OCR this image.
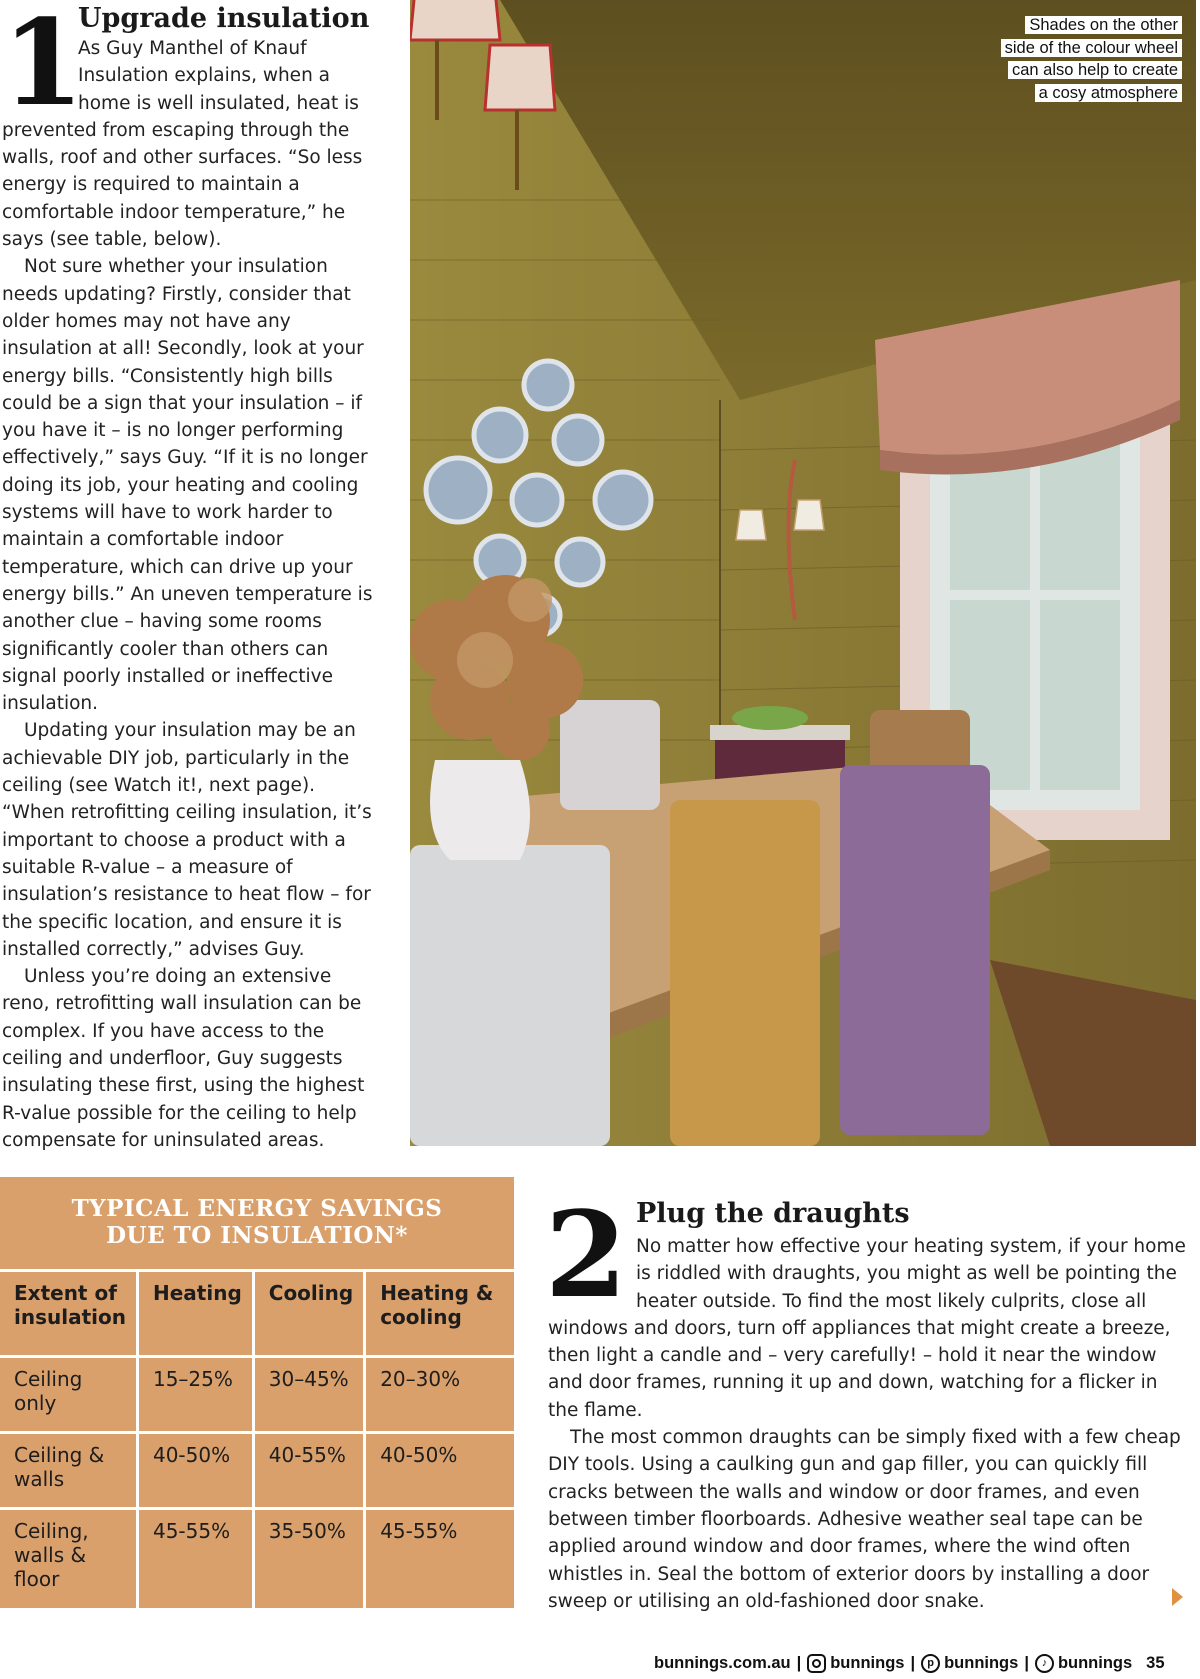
1
Upgrade insulation

As Guy Manthel of Knauf Insulation explains, when a home is well insulated, heat is prevented from escaping through the walls, roof and other surfaces. “So less energy is required to maintain a comfortable indoor temperature,” he says (see table, below).

Not sure whether your insulation needs updating? Firstly, consider that older homes may not have any insulation at all! Secondly, look at your energy bills. “Consistently high bills could be a sign that your insulation – if you have it – is no longer performing effectively,” says Guy. “If it is no longer doing its job, your heating and cooling systems will have to work harder to maintain a comfortable indoor temperature, which can drive up your energy bills.” An uneven temperature is another clue – having some rooms significantly cooler than others can signal poorly installed or ineffective insulation.

Updating your insulation may be an achievable DIY job, particularly in the ceiling (see Watch it!, next page). “When retrofitting ceiling insulation, it’s important to choose a product with a suitable R-value – a measure of insulation’s resistance to heat flow – for the specific location, and ensure it is installed correctly,” advises Guy.

Unless you’re doing an extensive reno, retrofitting wall insulation can be complex. If you have access to the ceiling and underfloor, Guy suggests insulating these first, using the highest R-value possible for the ceiling to help compensate for uninsulated areas.

Shades on the other
side of the colour wheel
can also help to create
a cosy atmosphere
TYPICAL ENERGY SAVINGS
DUE TO INSULATION*
Extent of insulation	Heating	Cooling	Heating & cooling
Ceiling only	15–25%	30–45%	20–30%
Ceiling & walls	40-50%	40-55%	40-50%
Ceiling, walls & floor	45-55%	35-50%	45-55%
2 Plug the draughts

No matter how effective your heating system, if your home is riddled with draughts, you might as well be pointing the heater outside. To find the most likely culprits, close all windows and doors, turn off appliances that might create a breeze, then light a candle and – very carefully! – hold it near the window and door frames, running it up and down, watching for a flicker in the flame.

The most common draughts can be simply fixed with a few cheap DIY tools. Using a caulking gun and gap filler, you can quickly fill cracks between the walls and window or door frames, and even between timber floorboards. Adhesive weather seal tape can be applied around window and door frames, where the wind often whistles in. Seal the bottom of exterior doors by installing a door sweep or utilising an old-fashioned door snake.

bunnings.com.au | bunnings |	p bunnings |	♪ bunnings 35
